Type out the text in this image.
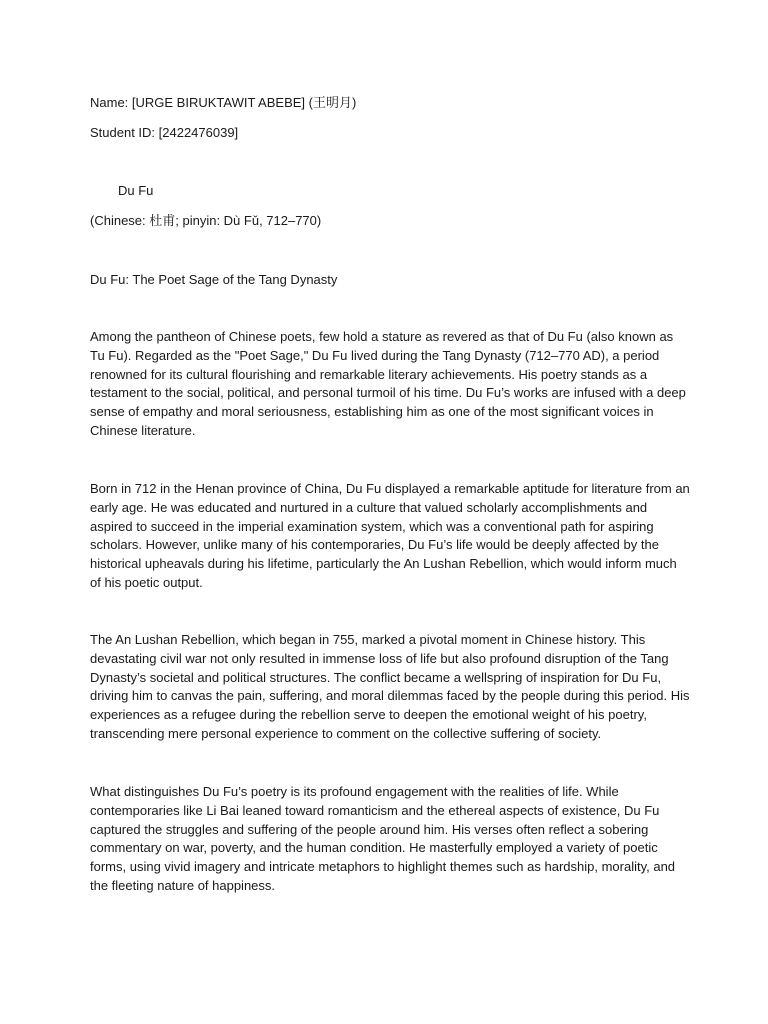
Name: [URGE BIRUKTAWIT ABEBE] (王明月)
Student ID: [2422476039]
Du Fu
(Chinese: 杜甫; pinyin: Dù Fǔ, 712–770)
Du Fu: The Poet Sage of the Tang Dynasty
Among the pantheon of Chinese poets, few hold a stature as revered as that of Du Fu (also known as Tu Fu). Regarded as the "Poet Sage," Du Fu lived during the Tang Dynasty (712–770 AD), a period renowned for its cultural flourishing and remarkable literary achievements. His poetry stands as a testament to the social, political, and personal turmoil of his time. Du Fu’s works are infused with a deep sense of empathy and moral seriousness, establishing him as one of the most significant voices in Chinese literature.
Born in 712 in the Henan province of China, Du Fu displayed a remarkable aptitude for literature from an early age. He was educated and nurtured in a culture that valued scholarly accomplishments and aspired to succeed in the imperial examination system, which was a conventional path for aspiring scholars. However, unlike many of his contemporaries, Du Fu’s life would be deeply affected by the historical upheavals during his lifetime, particularly the An Lushan Rebellion, which would inform much of his poetic output.
The An Lushan Rebellion, which began in 755, marked a pivotal moment in Chinese history. This devastating civil war not only resulted in immense loss of life but also profound disruption of the Tang Dynasty’s societal and political structures. The conflict became a wellspring of inspiration for Du Fu, driving him to canvas the pain, suffering, and moral dilemmas faced by the people during this period. His experiences as a refugee during the rebellion serve to deepen the emotional weight of his poetry, transcending mere personal experience to comment on the collective suffering of society.
What distinguishes Du Fu’s poetry is its profound engagement with the realities of life. While contemporaries like Li Bai leaned toward romanticism and the ethereal aspects of existence, Du Fu captured the struggles and suffering of the people around him. His verses often reflect a sobering commentary on war, poverty, and the human condition. He masterfully employed a variety of poetic forms, using vivid imagery and intricate metaphors to highlight themes such as hardship, morality, and the fleeting nature of happiness.
